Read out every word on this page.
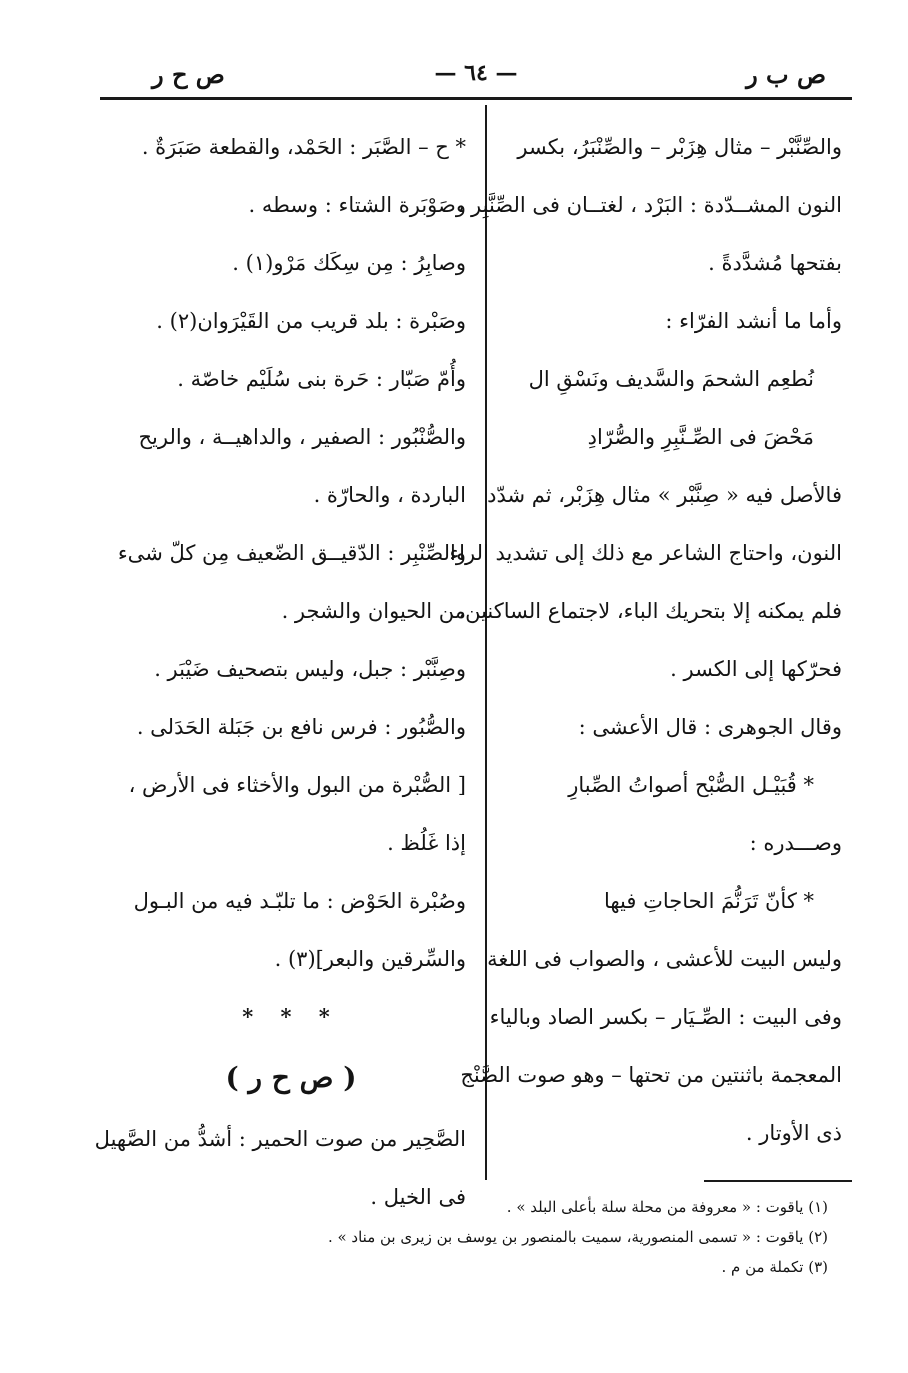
ص ب ر
— ٦٤ —
ص ح ر
والصِّنَّبْر – مثال هِزَبْر – والصِّنْبَرُ، بكسر
النون المشــدّدة : البَرْد ، لغتــان فى الصِّنَّبِر ،
بفتحها مُشدَّدةً .
وأما ما أنشد الفرّاء :
نُطعِم الشحمَ والسَّديف ونَسْقِ ال
مَحْضَ فى الصِّـنَّبِرِ والصُّرّادِ
فالأصل فيه « صِنَّبْر » مثال هِزَبْر، ثم شدّد
النون، واحتاج الشاعر مع ذلك إلى تشديد الراء
فلم يمكنه إلا بتحريك الباء، لاجتماع الساكنين،
فحرّكها إلى الكسر .
وقال الجوهرى : قال الأعشى :
* قُبَيْـل الصُّبْح أصواتُ الصِّبارِ
وصـــدره :
* كأنّ تَرَنُّمَ الحاجاتِ فيها
وليس البيت للأعشى ، والصواب فى اللغة
وفى البيت : الصِّـيَار – بكسر الصاد وبالياء
المعجمة باثنتين من تحتها – وهو صوت الصَّنْج
ذى الأوتار .
* ح – الصَّبَر : الحَمْد، والقطعة صَبَرَةٌ .
وصَوْبَرة الشتاء : وسطه .
وصابِرُ : مِن سِكَك مَرْو(١) .
وصَبْرة : بلد قريب من القَيْرَوان(٢) .
وأُمّ صَبّار : حَرة بنى سُلَيْم خاصّة .
والصُّنْبُور : الصفير ، والداهيــة ، والريح
الباردة ، والحارّة .
والصِّنْبِر : الدّقيــق الضّعيف مِن كلّ شىء
من الحيوان والشجر .
وصِنَّبْر : جبل، وليس بتصحيف ضَيْبَر .
والصُّبُور : فرس نافع بن جَبَلة الحَدَلى .
[ الصُّبْرة من البول والأخثاء فى الأرض ،
إذا غَلُظ .
وصُبْرة الحَوْض : ما تلبّـد فيه من البـول
والسِّرقين والبعر](٣) .
* * *
( ص ح ر )
الصَّحِير من صوت الحمير : أشدُّ من الصَّهيل
فى الخيل .	(١) ياقوت : « معروفة من محلة سلة بأعلى البلد » .
(٢) ياقوت : « تسمى المنصورية، سميت بالمنصور بن يوسف بن زيرى بن مناد » .
(٣) تكملة من م .
